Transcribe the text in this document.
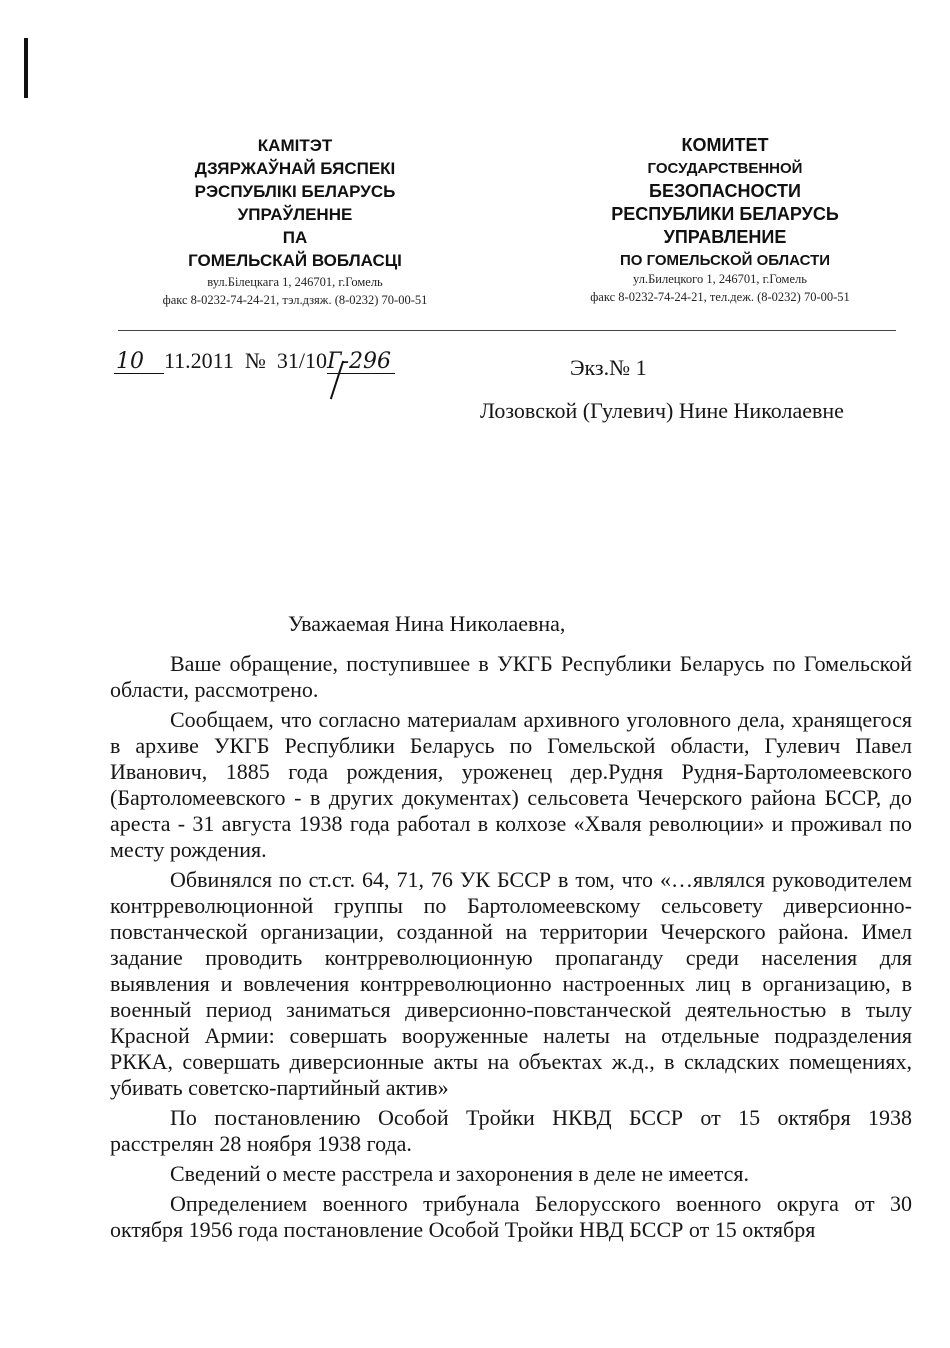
КАМІТЭТ
ДЗЯРЖАЎНАЙ БЯСПЕКІ
РЭСПУБЛІКІ БЕЛАРУСЬ
УПРАЎЛЕННЕ
ПА
ГОМЕЛЬСКАЙ ВОБЛАСЦІ
вул.Білецкага 1, 246701, г.Гомель
факс 8-0232-74-24-21, тэл.дзяж. (8-0232) 70-00-51
КОМИТЕТ
ГОСУДАРСТВЕННОЙ
БЕЗОПАСНОСТИ
РЕСПУБЛИКИ БЕЛАРУСЬ
УПРАВЛЕНИЕ
ПО ГОМЕЛЬСКОЙ ОБЛАСТИ
ул.Билецкого 1, 246701, г.Гомель
факс 8-0232-74-24-21, тел.деж. (8-0232) 70-00-51
10 11.2011 № 31/10Г-296	Экз.№ 1
Лозовской (Гулевич) Нине Николаевне
Уважаемая Нина Николаевна,

Ваше обращение, поступившее в УКГБ Республики Беларусь по Гомельской области, рассмотрено.

Сообщаем, что согласно материалам архивного уголовного дела, хранящегося в архиве УКГБ Республики Беларусь по Гомельской области, Гулевич Павел Иванович, 1885 года рождения, уроженец дер.Рудня Рудня-Бартоломеевского (Бартоломеевского - в других документах) сельсовета Чечерского района БССР, до ареста - 31 августа 1938 года работал в колхозе «Хваля революции» и проживал по месту рождения.

Обвинялся по ст.ст. 64, 71, 76 УК БССР в том, что «…являлся руководителем контрреволюционной группы по Бартоломеевскому сельсовету диверсионно-повстанческой организации, созданной на территории Чечерского района. Имел задание проводить контрреволюционную пропаганду среди населения для выявления и вовлечения контрреволюционно настроенных лиц в организацию, в военный период заниматься диверсионно-повстанческой деятельностью в тылу Красной Армии: совершать вооруженные налеты на отдельные подразделения РККА, совершать диверсионные акты на объектах ж.д., в складских помещениях, убивать советско-партийный актив»

По постановлению Особой Тройки НКВД БССР от 15 октября 1938 расстрелян 28 ноября 1938 года.

Сведений о месте расстрела и захоронения в деле не имеется.

Определением военного трибунала Белорусского военного округа от 30 октября 1956 года постановление Особой Тройки НВД БССР от 15 октября
